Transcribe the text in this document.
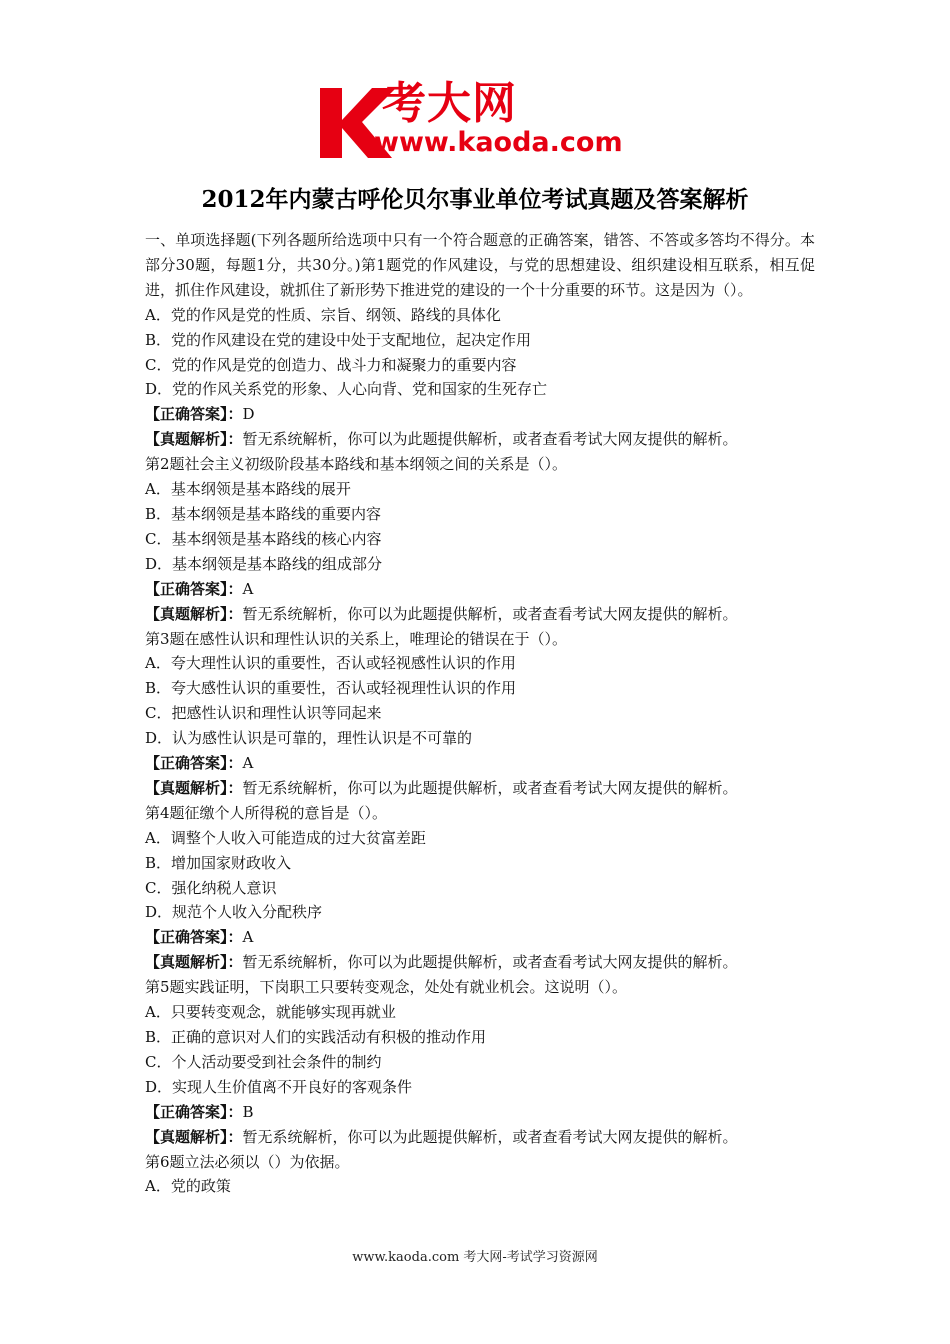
考大网
www.kaoda.com
2012年内蒙古呼伦贝尔事业单位考试真题及答案解析

一、单项选择题(下列各题所给选项中只有一个符合题意的正确答案，错答、不答或多答均不得分。本部分30题，每题1分，共30分。)第1题党的作风建设，与党的思想建设、组织建设相互联系，相互促进，抓住作风建设，就抓住了新形势下推进党的建设的一个十分重要的环节。这是因为（）。

A．党的作风是党的性质、宗旨、纲领、路线的具体化

B．党的作风建设在党的建设中处于支配地位，起决定作用

C．党的作风是党的创造力、战斗力和凝聚力的重要内容

D．党的作风关系党的形象、人心向背、党和国家的生死存亡

【正确答案】：D

【真题解析】：暂无系统解析，你可以为此题提供解析，或者查看考试大网友提供的解析。

第2题社会主义初级阶段基本路线和基本纲领之间的关系是（）。

A．基本纲领是基本路线的展开

B．基本纲领是基本路线的重要内容

C．基本纲领是基本路线的核心内容

D．基本纲领是基本路线的组成部分

【正确答案】：A

【真题解析】：暂无系统解析，你可以为此题提供解析，或者查看考试大网友提供的解析。

第3题在感性认识和理性认识的关系上，唯理论的错误在于（）。

A．夸大理性认识的重要性，否认或轻视感性认识的作用

B．夸大感性认识的重要性，否认或轻视理性认识的作用

C．把感性认识和理性认识等同起来

D．认为感性认识是可靠的，理性认识是不可靠的

【正确答案】：A

【真题解析】：暂无系统解析，你可以为此题提供解析，或者查看考试大网友提供的解析。

第4题征缴个人所得税的意旨是（）。

A．调整个人收入可能造成的过大贫富差距

B．增加国家财政收入

C．强化纳税人意识

D．规范个人收入分配秩序

【正确答案】：A

【真题解析】：暂无系统解析，你可以为此题提供解析，或者查看考试大网友提供的解析。

第5题实践证明，下岗职工只要转变观念，处处有就业机会。这说明（）。

A．只要转变观念，就能够实现再就业

B．正确的意识对人们的实践活动有积极的推动作用

C．个人活动要受到社会条件的制约

D．实现人生价值离不开良好的客观条件

【正确答案】：B

【真题解析】：暂无系统解析，你可以为此题提供解析，或者查看考试大网友提供的解析。

第6题立法必须以（）为依据。

A．党的政策

www.kaoda.com 考大网-考试学习资源网
